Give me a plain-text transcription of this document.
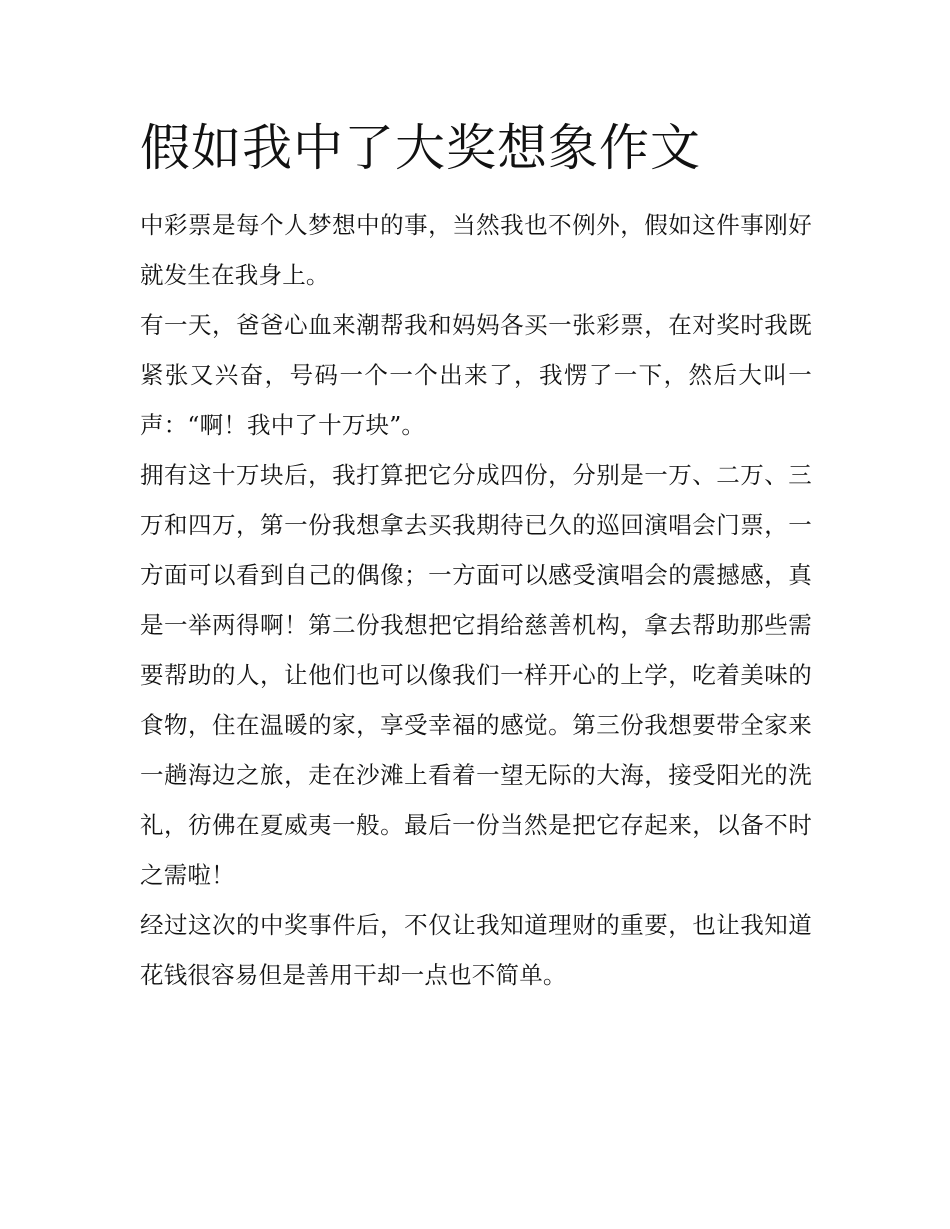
假如我中了大奖想象作文

中彩票是每个人梦想中的事，当然我也不例外，假如这件事刚好就发生在我身上。

有一天，爸爸心血来潮帮我和妈妈各买一张彩票，在对奖时我既紧张又兴奋，号码一个一个出来了，我愣了一下，然后大叫一声：“啊！我中了十万块”。

拥有这十万块后，我打算把它分成四份，分别是一万、二万、三万和四万，第一份我想拿去买我期待已久的巡回演唱会门票，一方面可以看到自己的偶像；一方面可以感受演唱会的震撼感，真是一举两得啊！第二份我想把它捐给慈善机构，拿去帮助那些需要帮助的人，让他们也可以像我们一样开心的上学，吃着美味的食物，住在温暖的家，享受幸福的感觉。第三份我想要带全家来一趟海边之旅，走在沙滩上看着一望无际的大海，接受阳光的洗礼，彷佛在夏威夷一般。最后一份当然是把它存起来，以备不时之需啦！

经过这次的中奖事件后，不仅让我知道理财的重要，也让我知道花钱很容易但是善用干却一点也不简单。
